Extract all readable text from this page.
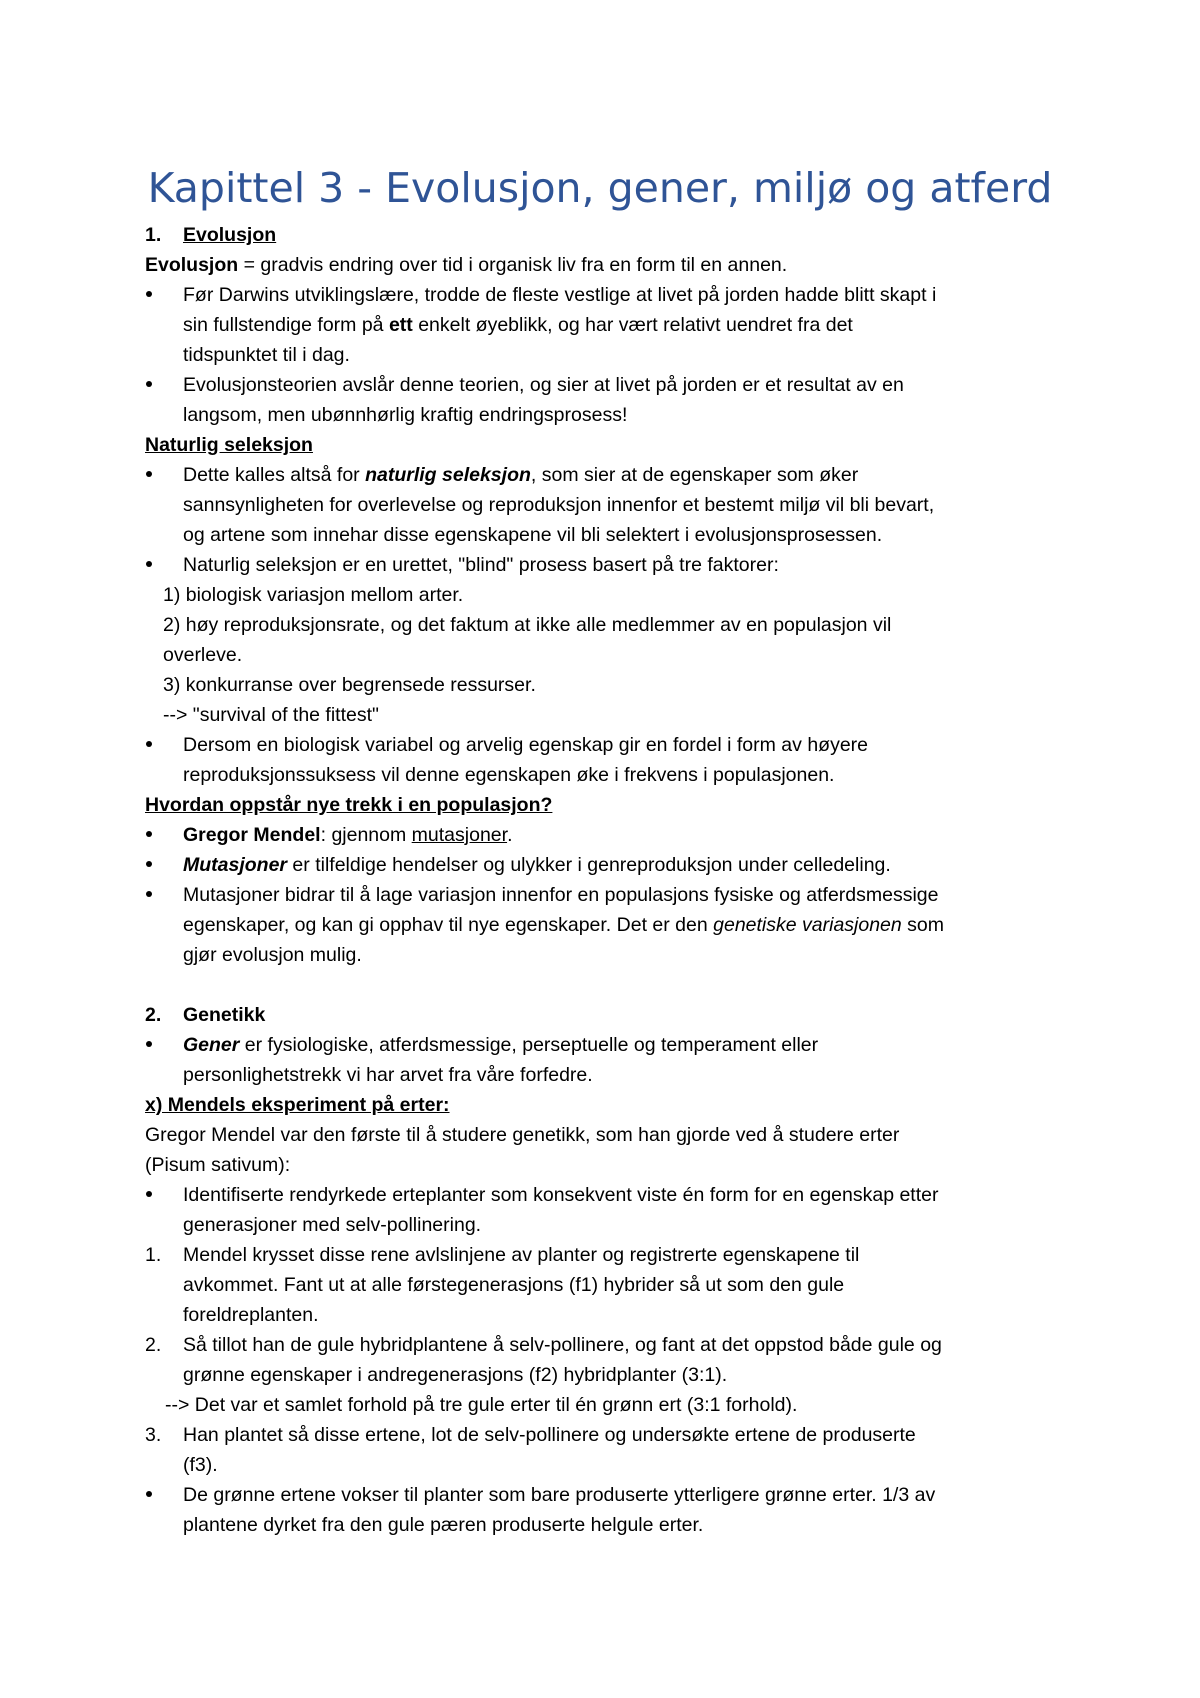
Kapittel 3 - Evolusjon, gener, miljø og atferd
1. Evolusjon
Evolusjon = gradvis endring over tid i organisk liv fra en form til en annen.
Før Darwins utviklingslære, trodde de fleste vestlige at livet på jorden hadde blitt skapt i
sin fullstendige form på ett enkelt øyeblikk, og har vært relativt uendret fra det
tidspunktet til i dag.
Evolusjonsteorien avslår denne teorien, og sier at livet på jorden er et resultat av en
langsom, men ubønnhørlig kraftig endringsprosess!
Naturlig seleksjon
Dette kalles altså for naturlig seleksjon, som sier at de egenskaper som øker
sannsynligheten for overlevelse og reproduksjon innenfor et bestemt miljø vil bli bevart,
og artene som innehar disse egenskapene vil bli selektert i evolusjonsprosessen.
Naturlig seleksjon er en urettet, "blind" prosess basert på tre faktorer:
1) biologisk variasjon mellom arter.
2) høy reproduksjonsrate, og det faktum at ikke alle medlemmer av en populasjon vil
overleve.
3) konkurranse over begrensede ressurser.
--> "survival of the fittest"
Dersom en biologisk variabel og arvelig egenskap gir en fordel i form av høyere
reproduksjonssuksess vil denne egenskapen øke i frekvens i populasjonen.
Hvordan oppstår nye trekk i en populasjon?
Gregor Mendel: gjennom mutasjoner.
Mutasjoner er tilfeldige hendelser og ulykker i genreproduksjon under celledeling.
Mutasjoner bidrar til å lage variasjon innenfor en populasjons fysiske og atferdsmessige
egenskaper, og kan gi opphav til nye egenskaper. Det er den genetiske variasjonen som
gjør evolusjon mulig.
2. Genetikk
Gener er fysiologiske, atferdsmessige, perseptuelle og temperament eller
personlighetstrekk vi har arvet fra våre forfedre.
x) Mendels eksperiment på erter:
Gregor Mendel var den første til å studere genetikk, som han gjorde ved å studere erter
(Pisum sativum):
Identifiserte rendyrkede erteplanter som konsekvent viste én form for en egenskap etter
generasjoner med selv-pollinering.
1. Mendel krysset disse rene avlslinjene av planter og registrerte egenskapene til
avkommet. Fant ut at alle førstegenerasjons (f1) hybrider så ut som den gule
foreldreplanten.
2. Så tillot han de gule hybridplantene å selv-pollinere, og fant at det oppstod både gule og
grønne egenskaper i andregenerasjons (f2) hybridplanter (3:1).
--> Det var et samlet forhold på tre gule erter til én grønn ert (3:1 forhold).
3. Han plantet så disse ertene, lot de selv-pollinere og undersøkte ertene de produserte
(f3).
De grønne ertene vokser til planter som bare produserte ytterligere grønne erter. 1/3 av
plantene dyrket fra den gule pæren produserte helgule erter.
